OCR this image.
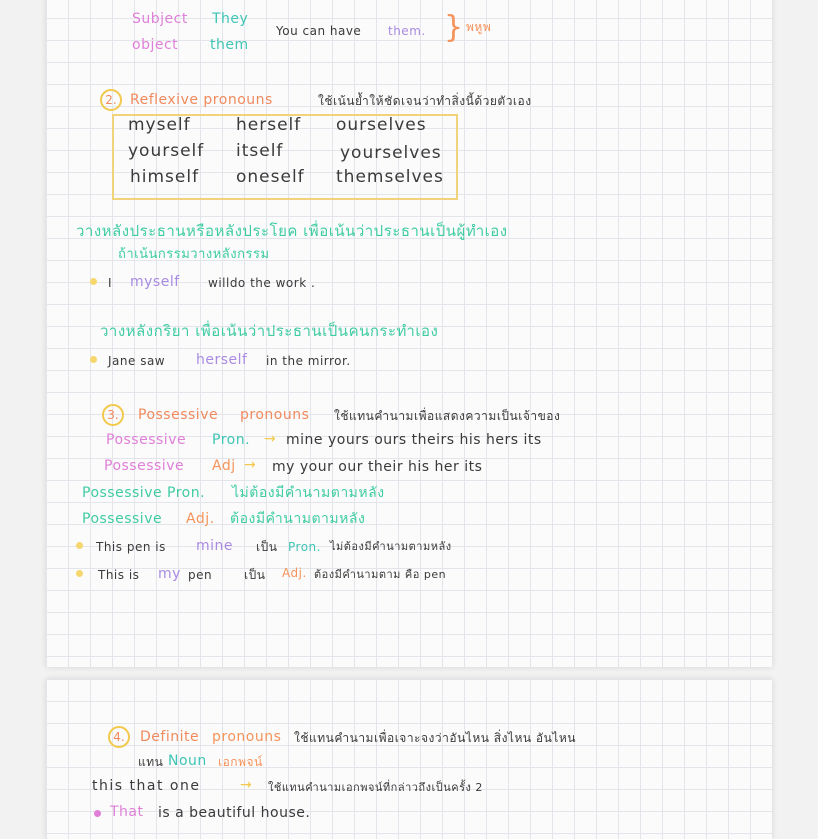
Subject They
object them
You can have them. } พหูพ
2. Reflexive pronouns	ใช้เน้นย้ำให้ชัดเจนว่าทำสิ่งนี้ด้วยตัวเอง
myself	herself ourselves
yourself itself	yourselves
himself oneself themselves
วางหลังประธานหรือหลังประโยค เพื่อเน้นว่าประธานเป็นผู้ทำเอง
ถ้าเน้นกรรมวางหลังกรรม
I myself willdo the work .
วางหลังกริยา เพื่อเน้นว่าประธานเป็นคนกระทำเอง
Jane saw herself in the mirror.
3.	Possessive pronouns ใช้แทนคำนามเพื่อแสดงความเป็นเจ้าของ
Possessive Pron. → mine yours ours theirs his hers its
Possessive Adj → my your our their his her its
Possessive Pron. ไม่ต้องมีคำนามตามหลัง
Possessive Adj. ต้องมีคำนามตามหลัง
This pen is mine เป็น Pron. ไม่ต้องมีคำนามตามหลัง
This is my pen	เป็น Adj. ต้องมีคำนามตาม คือ pen
4.	Definite pronouns ใช้แทนคำนามเพื่อเจาะจงว่าอันไหน สิ่งไหน อันไหน
แทน Noun เอกพจน์
this that one	→ ใช้แทนคำนามเอกพจน์ที่กล่าวถึงเป็นครั้ง 2
That is a beautiful house.
